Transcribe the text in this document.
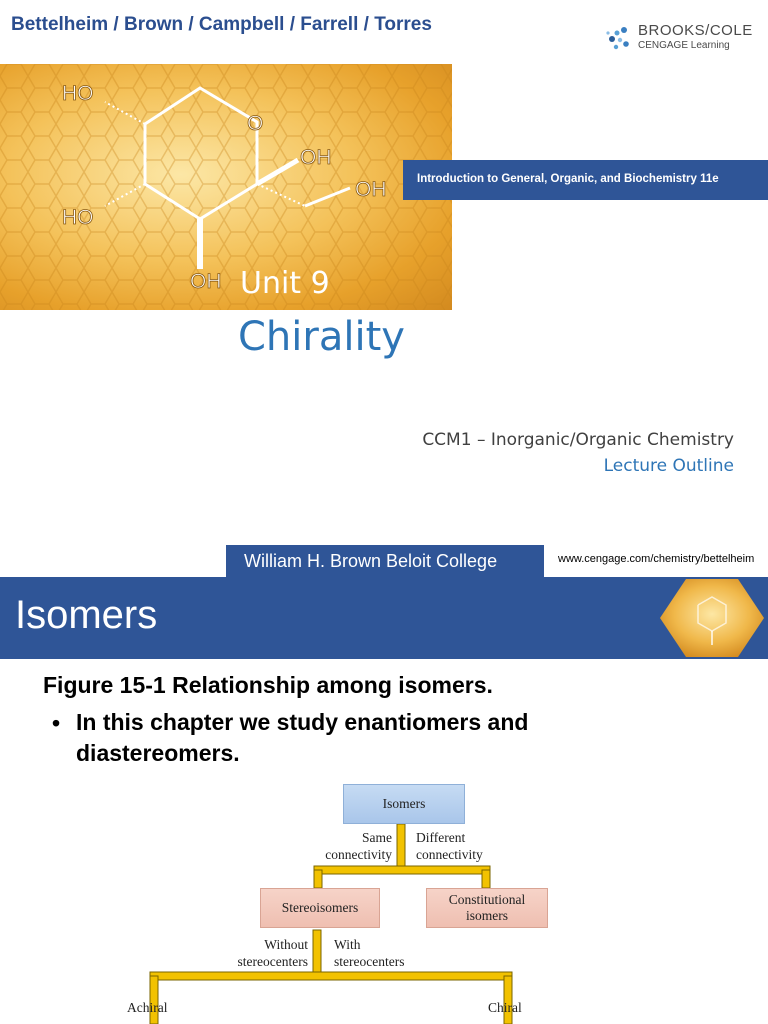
Bettelheim / Brown / Campbell / Farrell / Torres	BROOKS/COLE
CENGAGE Learning
HO
O
OH
OH
HO
OH
Introduction to General, Organic, and Biochemistry 11e
Unit 9
Chirality
CCM1 – Inorganic/Organic Chemistry
Lecture Outline
William H. Brown Beloit College	www.cengage.com/chemistry/bettelheim
Isomers
Figure 15-1 Relationship among isomers.
• In this chapter we study enantiomers and diastereomers.
Isomers
Same
connectivity
Different
connectivity
Stereoisomers
Constitutional
isomers
Without
stereocenters
With
stereocenters
Achiral	Chiral
